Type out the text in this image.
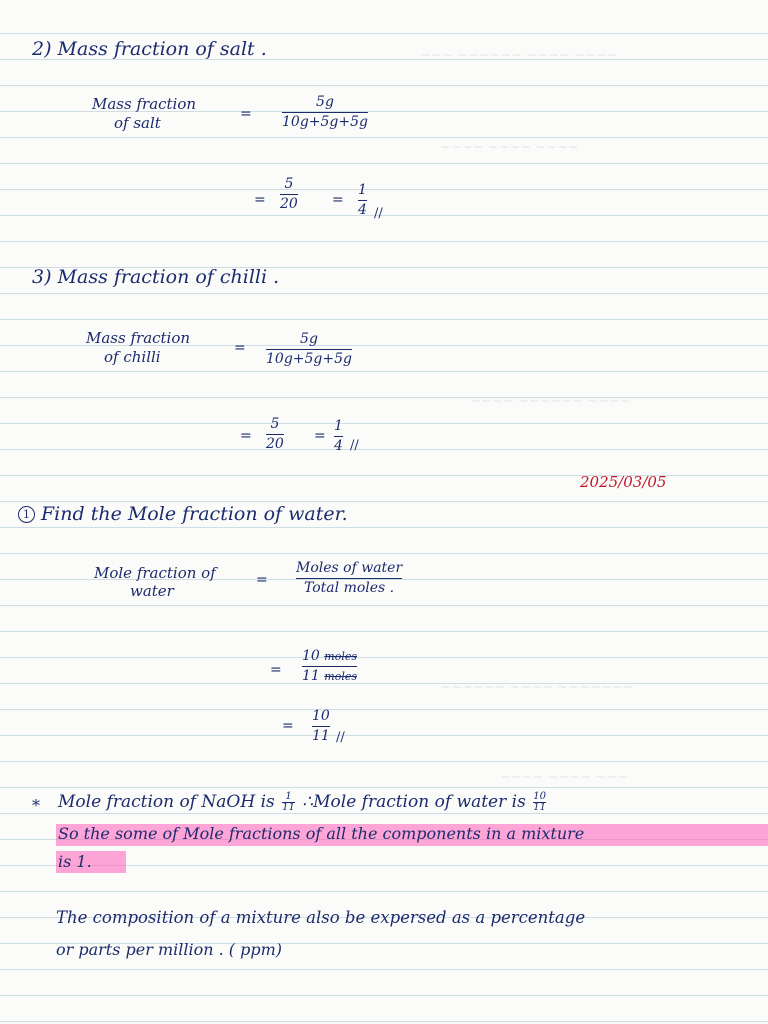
~~~ ~~~~~~ ~~~~ ~~~~
~~~~ ~~~~ ~~~~
~~~~ ~~~~~~ ~~~~
~~~~~~ ~~~~ ~~~~~~~
~~~~ ~~~~ ~~~
2) Mass fraction of salt .
Mass fraction
of salt	=
5g
10g+5g+5g
=
5
20 =
1
4 //
3) Mass fraction of chilli .
Mass fraction
of chilli	=
5g
10g+5g+5g
=
5
20 =
1
4 //
2025/03/05
1 Find the Mole fraction of water.
Mole fraction of
water
=
Moles of water
Total moles .
=
10 moles
11 moles
=
10
11 //
* Mole fraction of NaOH is $\frac{1}{11}$ ∴Mole fraction of water is $\frac{10}{11}$
So the some of Mole fractions of all the components in a mixture
is 1.
The composition of a mixture also be expersed as a percentage
or parts per million . ( ppm)
